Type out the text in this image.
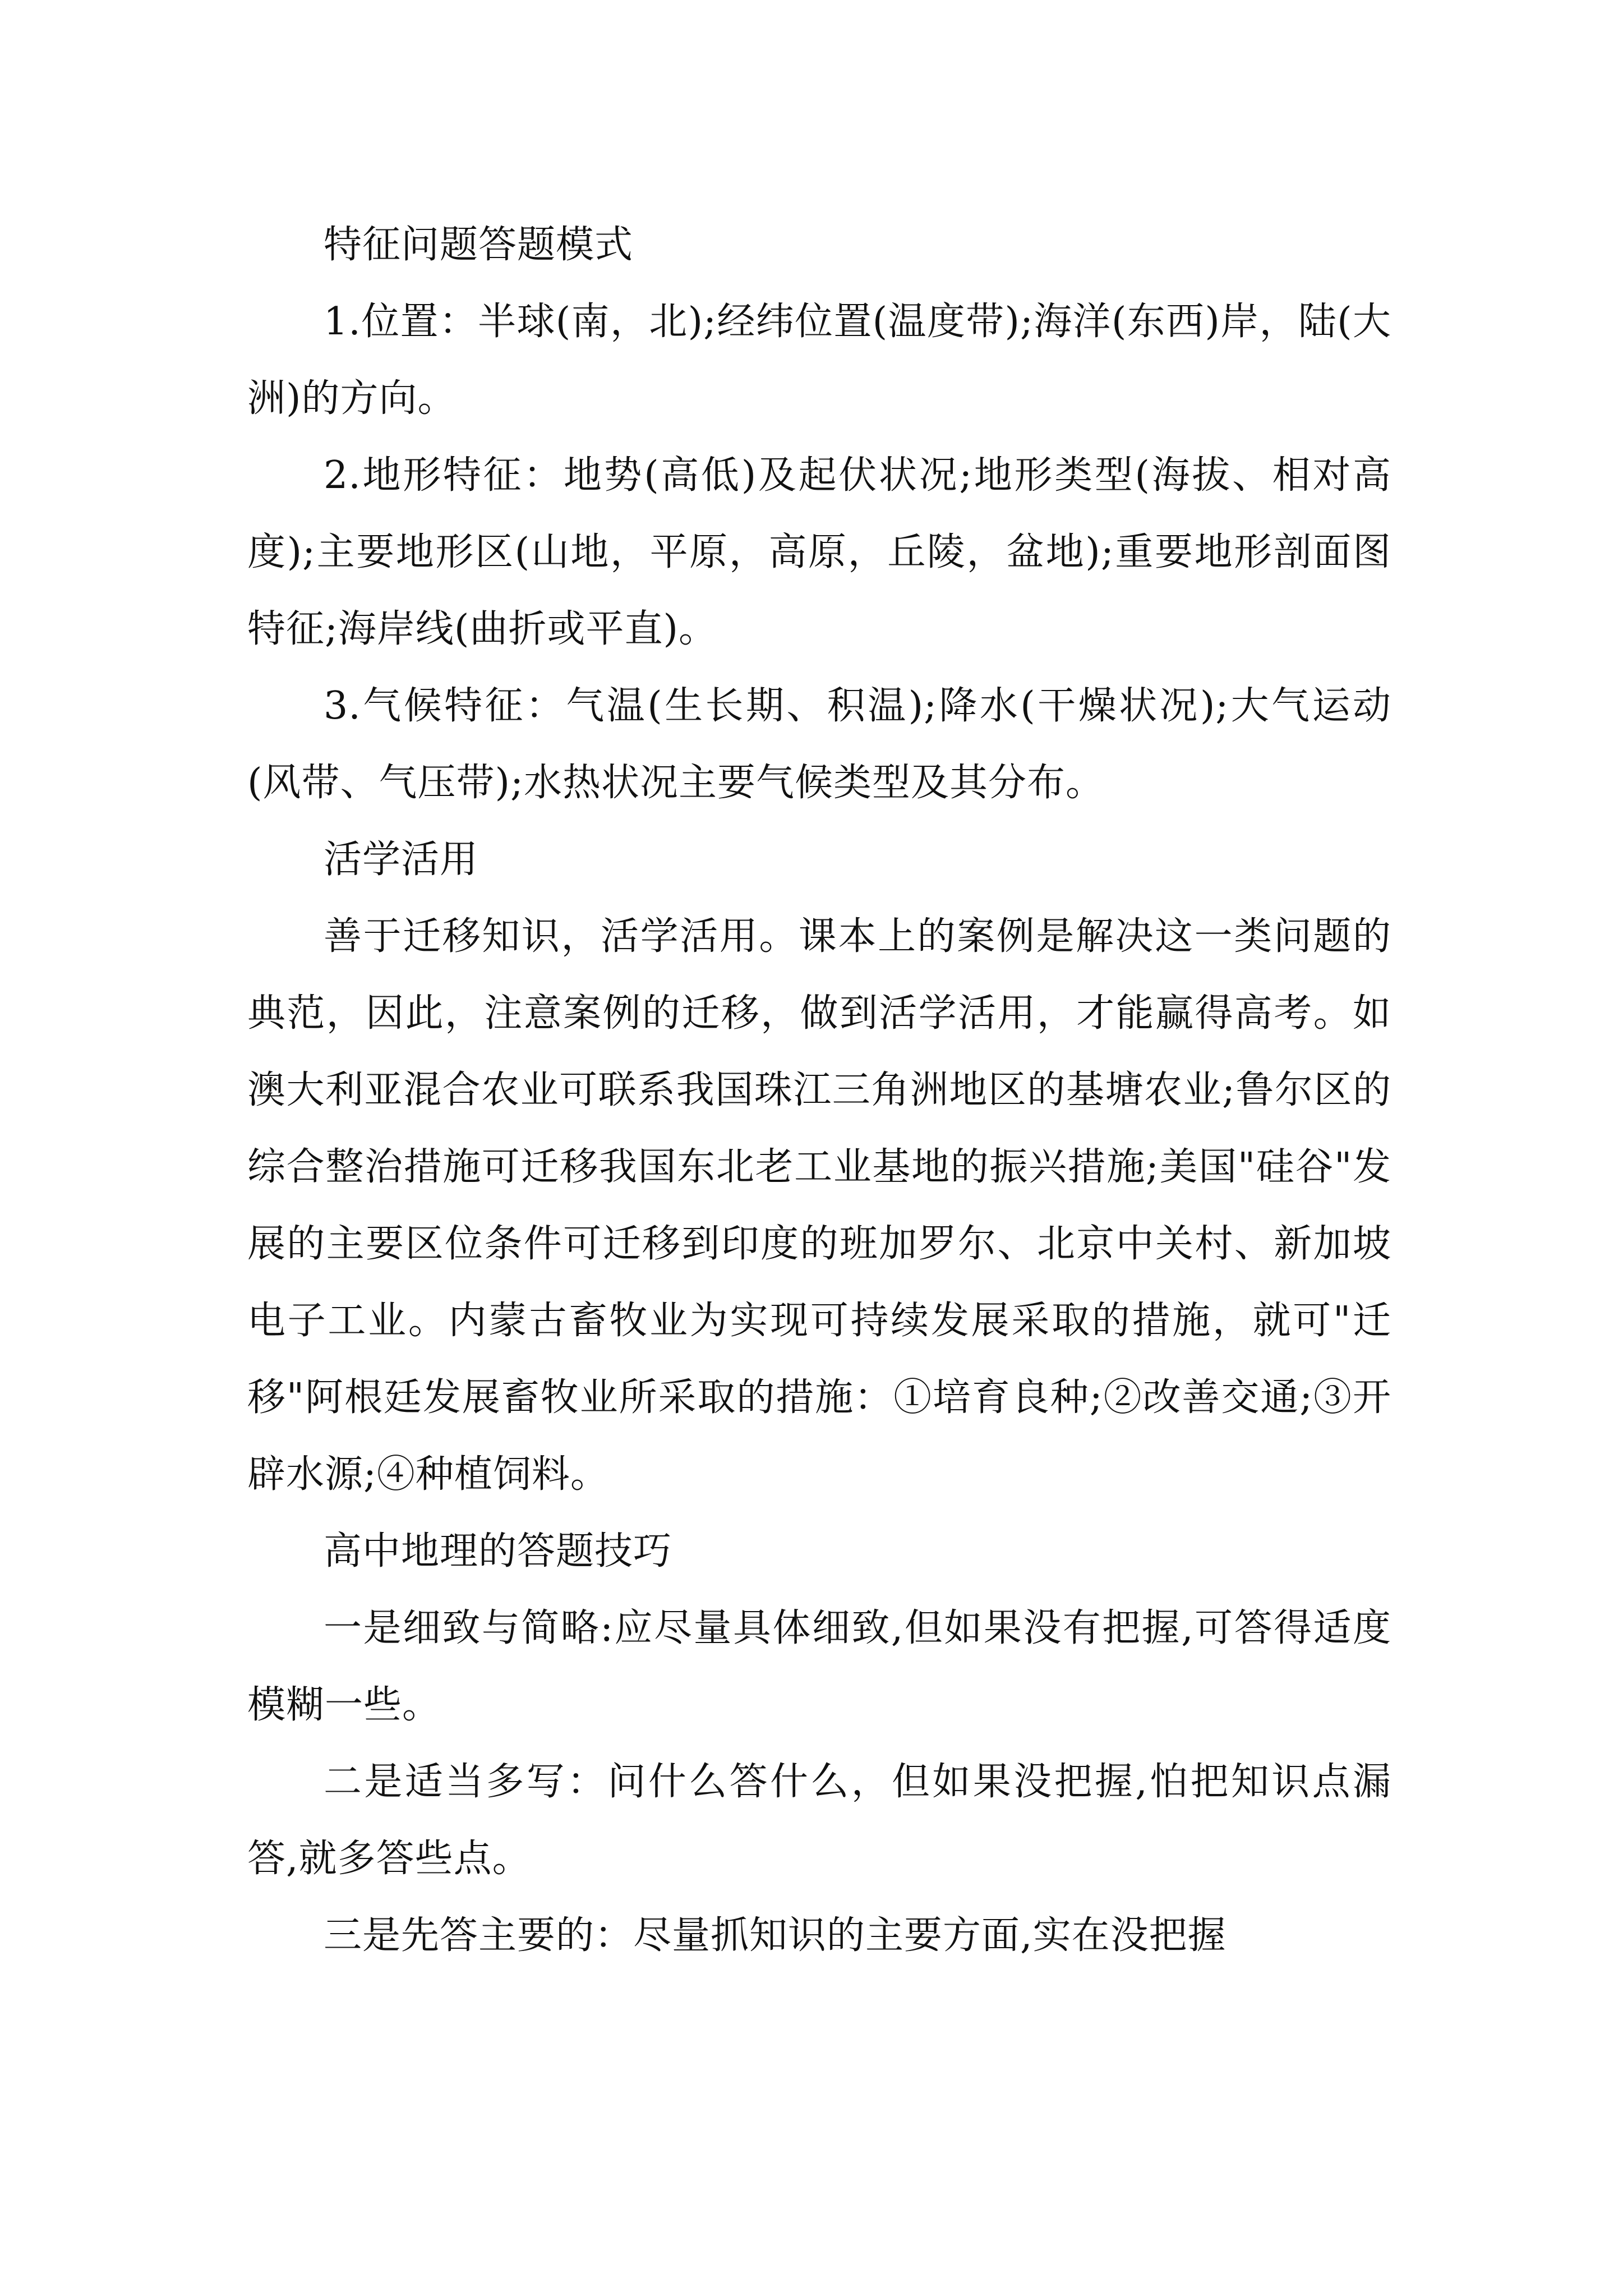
特征问题答题模式

1.位置：半球(南，北);经纬位置(温度带);海洋(东西)岸，陆(大洲)的方向。

2.地形特征：地势(高低)及起伏状况;地形类型(海拔、相对高度);主要地形区(山地，平原，高原，丘陵，盆地);重要地形剖面图特征;海岸线(曲折或平直)。

3.气候特征：气温(生长期、积温);降水(干燥状况);大气运动(风带、气压带);水热状况主要气候类型及其分布。

活学活用

善于迁移知识，活学活用。课本上的案例是解决这一类问题的典范，因此，注意案例的迁移，做到活学活用，才能赢得高考。如澳大利亚混合农业可联系我国珠江三角洲地区的基塘农业;鲁尔区的综合整治措施可迁移我国东北老工业基地的振兴措施;美国"硅谷"发展的主要区位条件可迁移到印度的班加罗尔、北京中关村、新加坡电子工业。内蒙古畜牧业为实现可持续发展采取的措施，就可"迁移"阿根廷发展畜牧业所采取的措施：①培育良种;②改善交通;③开辟水源;④种植饲料。

高中地理的答题技巧

一是细致与简略:应尽量具体细致,但如果没有把握,可答得适度模糊一些。

二是适当多写：问什么答什么，但如果没把握,怕把知识点漏答,就多答些点。

三是先答主要的：尽量抓知识的主要方面,实在没把握
